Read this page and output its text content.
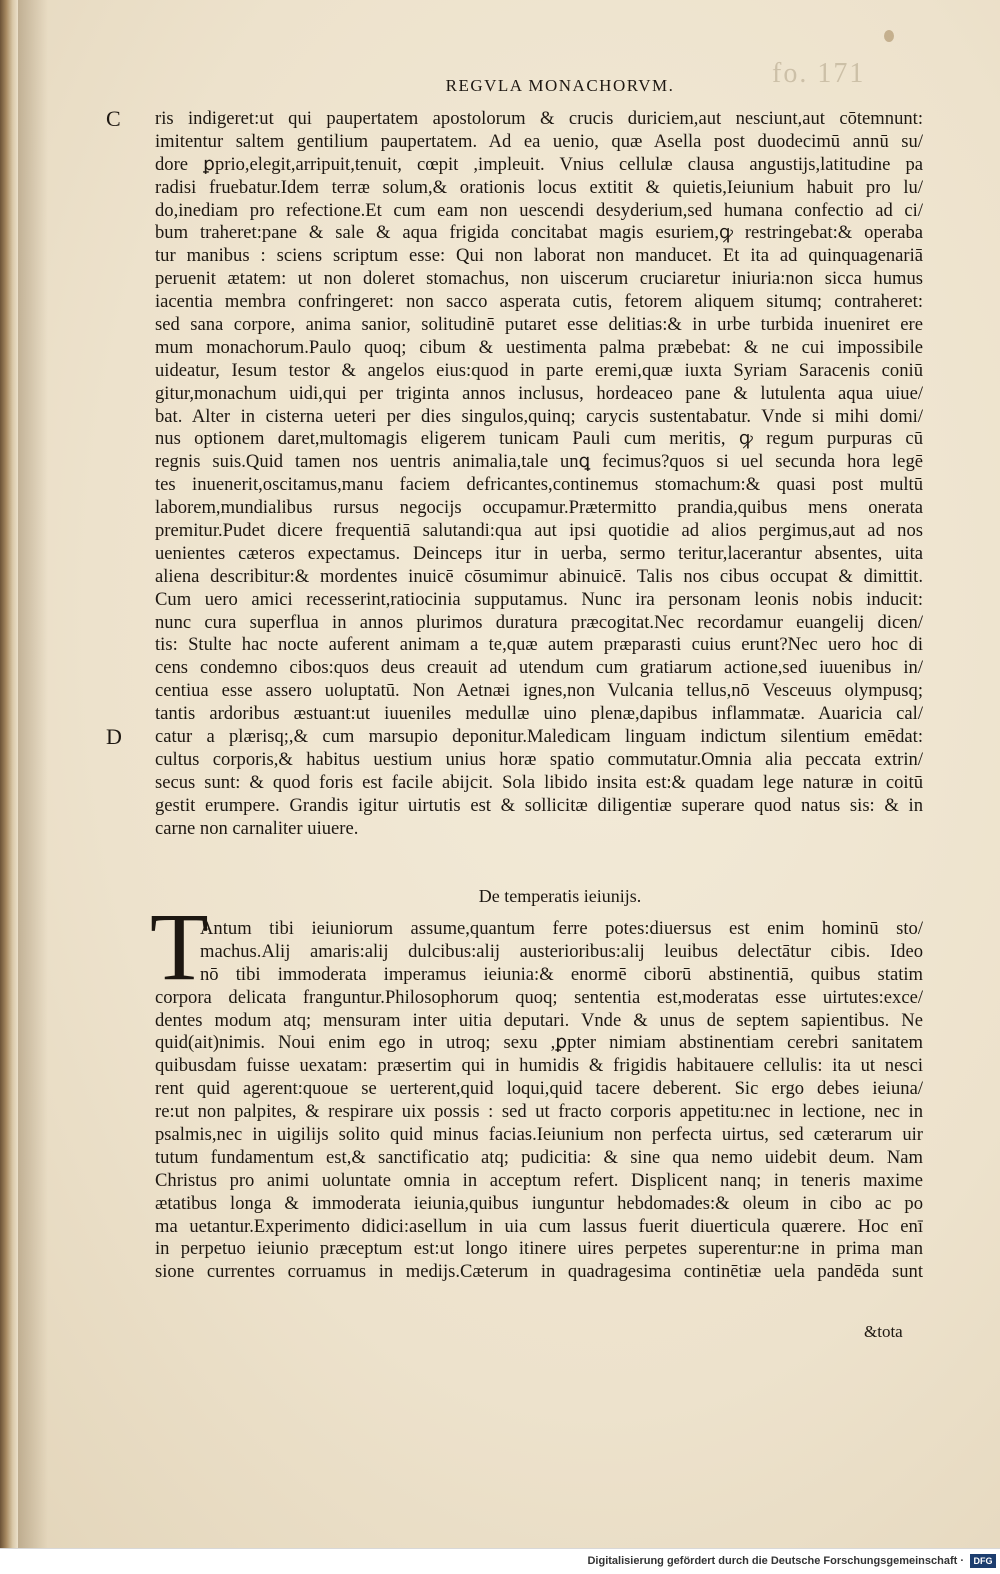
fo. 171
REGVLA MONACHORVM.
C
D
ris indigeret:ut qui paupertatem apostolorum & crucis duriciem,aut nesciunt,aut cōtemnunt:
imitentur saltem gentilium paupertatem. Ad ea uenio, quæ Asella post duodecimū annū su/
dore ꝑprio,elegit,arripuit,tenuit, cœpit ,impleuit. Vnius cellulæ clausa angustijs,latitudine pa
radisi fruebatur.Idem terræ solum,& orationis locus extitit & quietis,Ieiunium habuit pro lu/
do,inediam pro refectione.Et cum eam non uescendi desyderium,sed humana confectio ad ci/
bum traheret:pane & sale & aqua frigida concitabat magis esuriem,ꝙ restringebat:& operaba
tur manibus : sciens scriptum esse: Qui non laborat non manducet. Et ita ad quinquagenariā
peruenit ætatem: ut non doleret stomachus, non uiscerum cruciaretur iniuria:non sicca humus
iacentia membra confringeret: non sacco asperata cutis, fetorem aliquem situmq; contraheret:
sed sana corpore, anima sanior, solitudinē putaret esse delitias:& in urbe turbida inueniret ere
mum monachorum.Paulo quoq; cibum & uestimenta palma præbebat: & ne cui impossibile
uideatur, Iesum testor & angelos eius:quod in parte eremi,quæ iuxta Syriam Saracenis coniū
gitur,monachum uidi,qui per triginta annos inclusus, hordeaceo pane & lutulenta aqua uiue/
bat. Alter in cisterna ueteri per dies singulos,quinq; carycis sustentabatur. Vnde si mihi domi/
nus optionem daret,multomagis eligerem tunicam Pauli cum meritis, ꝙ regum purpuras cū
regnis suis.Quid tamen nos uentris animalia,tale unꝗ fecimus?quos si uel secunda hora legē
tes inuenerit,oscitamus,manu faciem defricantes,continemus stomachum:& quasi post multū
laborem,mundialibus rursus negocijs occupamur.Prætermitto prandia,quibus mens onerata
premitur.Pudet dicere frequentiā salutandi:qua aut ipsi quotidie ad alios pergimus,aut ad nos
uenientes cæteros expectamus. Deinceps itur in uerba, sermo teritur,lacerantur absentes, uita
aliena describitur:& mordentes inuicē cōsumimur abinuicē. Talis nos cibus occupat & dimittit.
Cum uero amici recesserint,ratiocinia supputamus. Nunc ira personam leonis nobis inducit:
nunc cura superflua in annos plurimos duratura præcogitat.Nec recordamur euangelij dicen/
tis: Stulte hac nocte auferent animam a te,quæ autem præparasti cuius erunt?Nec uero hoc di
cens condemno cibos:quos deus creauit ad utendum cum gratiarum actione,sed iuuenibus in/
centiua esse assero uoluptatū. Non Aetnæi ignes,non Vulcania tellus,nō Vesceuus olympusq;
tantis ardoribus æstuant:ut iuueniles medullæ uino plenæ,dapibus inflammatæ. Auaricia cal/
catur a plærisq;,& cum marsupio deponitur.Maledicam linguam indictum silentium emēdat:
cultus corporis,& habitus uestium unius horæ spatio commutatur.Omnia alia peccata extrin/
secus sunt: & quod foris est facile abijcit. Sola libido insita est:& quadam lege naturæ in coitū
gestit erumpere. Grandis igitur uirtutis est & sollicitæ diligentiæ superare quod natus sis: & in
carne non carnaliter uiuere.
De temperatis ieiunijs.
T
Antum tibi ieiuniorum assume,quantum ferre potes:diuersus est enim hominū sto/
machus.Alij amaris:alij dulcibus:alij austerioribus:alij leuibus delectātur cibis. Ideo
nō tibi immoderata imperamus ieiunia:& enormē ciborū abstinentiā, quibus statim
corpora delicata franguntur.Philosophorum quoq; sententia est,moderatas esse uirtutes:exce/
dentes modum atq; mensuram inter uitia deputari. Vnde & unus de septem sapientibus. Ne
quid(ait)nimis. Noui enim ego in utroq; sexu ,ꝑpter nimiam abstinentiam cerebri sanitatem
quibusdam fuisse uexatam: præsertim qui in humidis & frigidis habitauere cellulis: ita ut nesci
rent quid agerent:quoue se uerterent,quid loqui,quid tacere deberent. Sic ergo debes ieiuna/
re:ut non palpites, & respirare uix possis : sed ut fracto corporis appetitu:nec in lectione, nec in
psalmis,nec in uigilijs solito quid minus facias.Ieiunium non perfecta uirtus, sed cæterarum uir
tutum fundamentum est,& sanctificatio atq; pudicitia: & sine qua nemo uidebit deum. Nam
Christus pro animi uoluntate omnia in acceptum refert. Displicent nanq; in teneris maxime
ætatibus longa & immoderata ieiunia,quibus iunguntur hebdomades:& oleum in cibo ac po
ma uetantur.Experimento didici:asellum in uia cum lassus fuerit diuerticula quærere. Hoc enī
in perpetuo ieiunio præceptum est:ut longo itinere uires perpetes superentur:ne in prima man
sione currentes corruamus in medijs.Cæterum in quadragesima continētiæ uela pandēda sunt
&tota
Digitalisierung gefördert durch die Deutsche Forschungsgemeinschaft ·	DFG
